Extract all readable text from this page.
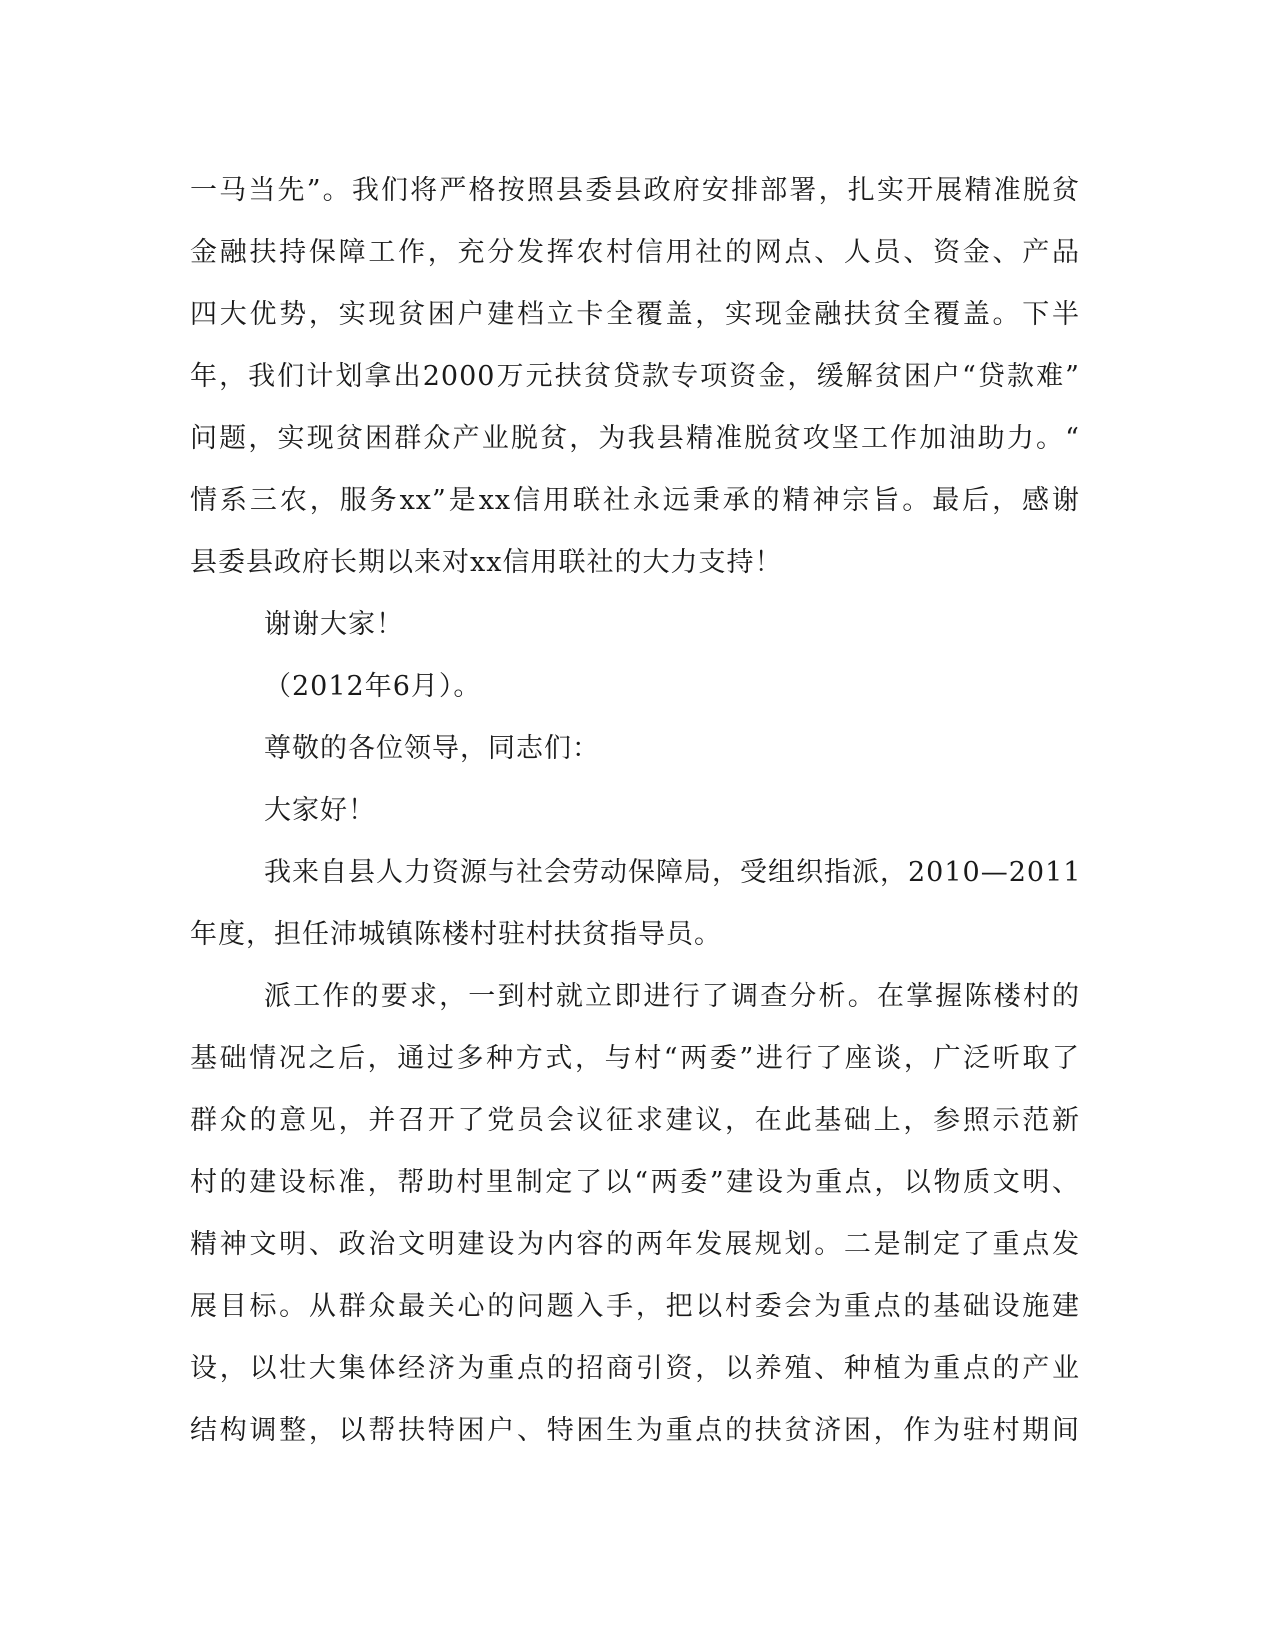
一马当先”。我们将严格按照县委县政府安排部署，扎实开展精准脱贫
金融扶持保障工作，充分发挥农村信用社的网点、人员、资金、产品
四大优势，实现贫困户建档立卡全覆盖，实现金融扶贫全覆盖。下半
年，我们计划拿出2000万元扶贫贷款专项资金，缓解贫困户“贷款难”
问题，实现贫困群众产业脱贫，为我县精准脱贫攻坚工作加油助力。“
情系三农，服务xx”是xx信用联社永远秉承的精神宗旨。最后，感谢
县委县政府长期以来对xx信用联社的大力支持！
谢谢大家！
（2012年6月）。
尊敬的各位领导，同志们：
大家好！
我来自县人力资源与社会劳动保障局，受组织指派，2010—2011
年度，担任沛城镇陈楼村驻村扶贫指导员。
派工作的要求，一到村就立即进行了调查分析。在掌握陈楼村的
基础情况之后，通过多种方式，与村“两委”进行了座谈，广泛听取了
群众的意见，并召开了党员会议征求建议，在此基础上，参照示范新
村的建设标准，帮助村里制定了以“两委”建设为重点，以物质文明、
精神文明、政治文明建设为内容的两年发展规划。二是制定了重点发
展目标。从群众最关心的问题入手，把以村委会为重点的基础设施建
设，以壮大集体经济为重点的招商引资，以养殖、种植为重点的产业
结构调整，以帮扶特困户、特困生为重点的扶贫济困，作为驻村期间
